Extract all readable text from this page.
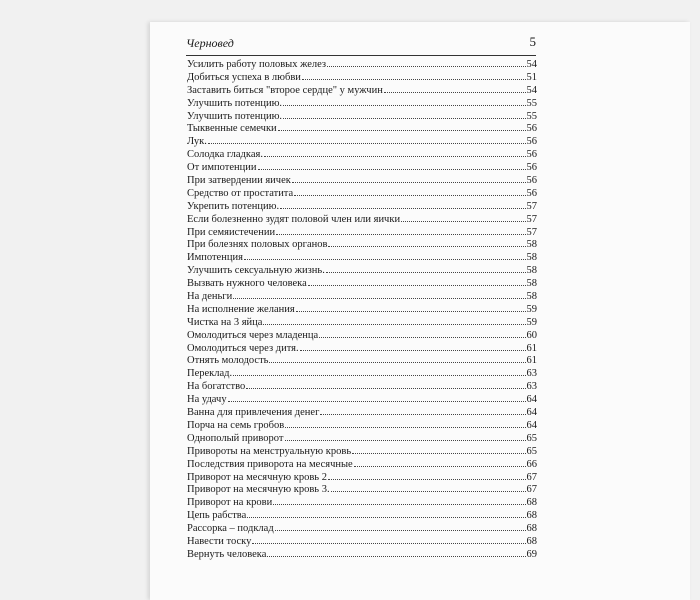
Черновед	5
Усилить работу половых желез	54
Добиться успеха в любви	51
Заставить биться "второе сердце" у мужчин	54
Улучшить потенцию.	55
Улучшить потенцию.	55
Тыквенные семечки	56
Лук.	56
Солодка гладкая.	56
От импотенции	56
При затвердении яичек	56
Средство от простатита	56
Укрепить потенцию.	57
Если болезненно зудят половой член или яички	57
При семяистечении	57
При болезнях половых органов	58
Импотенция	58
Улучшить сексуальную жизнь.	58
Вызвать нужного человека	58
На деньги	58
На исполнение желания	59
Чистка на 3 яйца	59
Омолодиться через младенца	60
Омолодиться через дитя.	61
Отнять молодость	61
Переклад.	63
На богатство	63
На удачу	64
Ванна для привлечения денег	64
Порча на семь гробов	64
Однополый приворот	65
Привороты на менструальную кровь	65
Последствия приворота на месячные	66
Приворот на месячную кровь 2	67
Приворот на месячную кровь 3.	67
Приворот на крови	68
Цепь рабства	68
Рассорка – подклад	68
Навести тоску	68
Вернуть человека	69
